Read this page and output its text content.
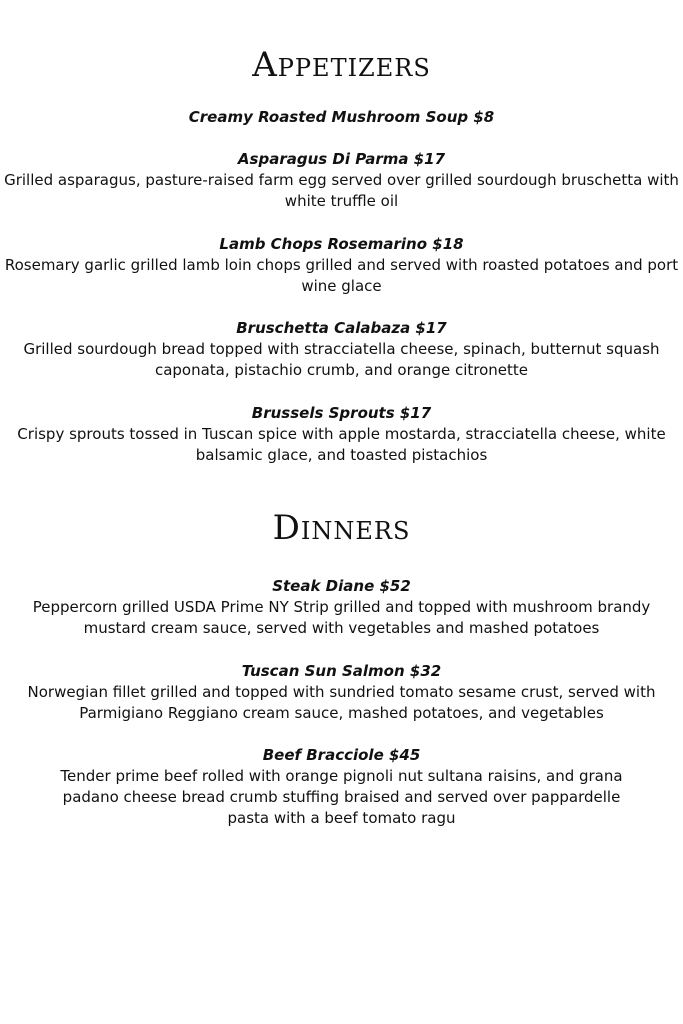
Appetizers

Creamy Roasted Mushroom Soup $8

Asparagus Di Parma $17

Grilled asparagus, pasture-raised farm egg served over grilled sourdough bruschetta with white truffle oil

Lamb Chops Rosemarino $18

Rosemary garlic grilled lamb loin chops grilled and served with roasted potatoes and port wine glace

Bruschetta Calabaza $17

Grilled sourdough bread topped with stracciatella cheese, spinach, butternut squash caponata, pistachio crumb, and orange citronette

Brussels Sprouts $17

Crispy sprouts tossed in Tuscan spice with apple mostarda, stracciatella cheese, white balsamic glace, and toasted pistachios

Dinners

Steak Diane $52

Peppercorn grilled USDA Prime NY Strip grilled and topped with mushroom brandy mustard cream sauce, served with vegetables and mashed potatoes

Tuscan Sun Salmon $32

Norwegian fillet grilled and topped with sundried tomato sesame crust, served with Parmigiano Reggiano cream sauce, mashed potatoes, and vegetables

Beef Bracciole $45

Tender prime beef rolled with orange pignoli nut sultana raisins, and grana padano cheese bread crumb stuffing braised and served over pappardelle pasta with a beef tomato ragu
